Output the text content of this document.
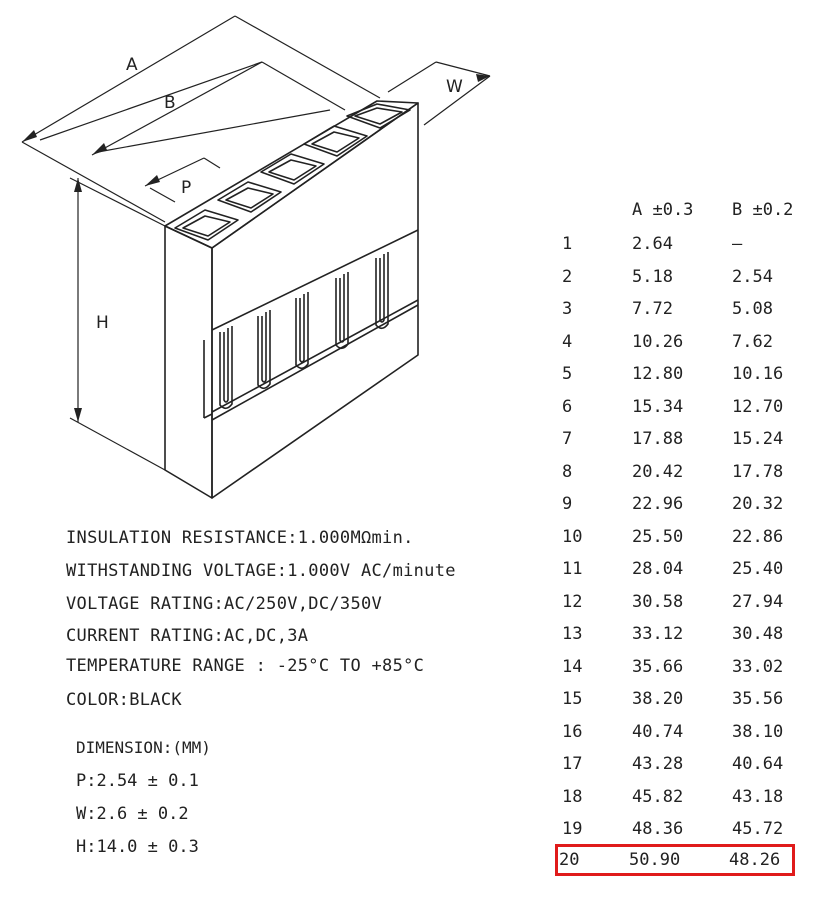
A
B
P
W
H
INSULATION RESISTANCE:1.000MΩmin.
WITHSTANDING VOLTAGE:1.000V AC/minute
VOLTAGE RATING:AC/250V,DC/350V
CURRENT RATING:AC,DC,3A
TEMPERATURE RANGE : -25°C TO +85°C
COLOR:BLACK
DIMENSION:(MM)
P:2.54 ± 0.1
W:2.6 ± 0.2
H:14.0 ± 0.3
A ±0.3 B ±0.2
1	2.64	—
2	5.18	2.54
3	7.72	5.08
4	10.26	7.62
5	12.80	10.16
6	15.34	12.70
7	17.88	15.24
8	20.42	17.78
9	22.96	20.32
10	25.50	22.86
11	28.04	25.40
12	30.58	27.94
13	33.12	30.48
14	35.66	33.02
15	38.20	35.56
16	40.74	38.10
17	43.28	40.64
18	45.82	43.18
19	48.36	45.72
20	50.90	48.26
